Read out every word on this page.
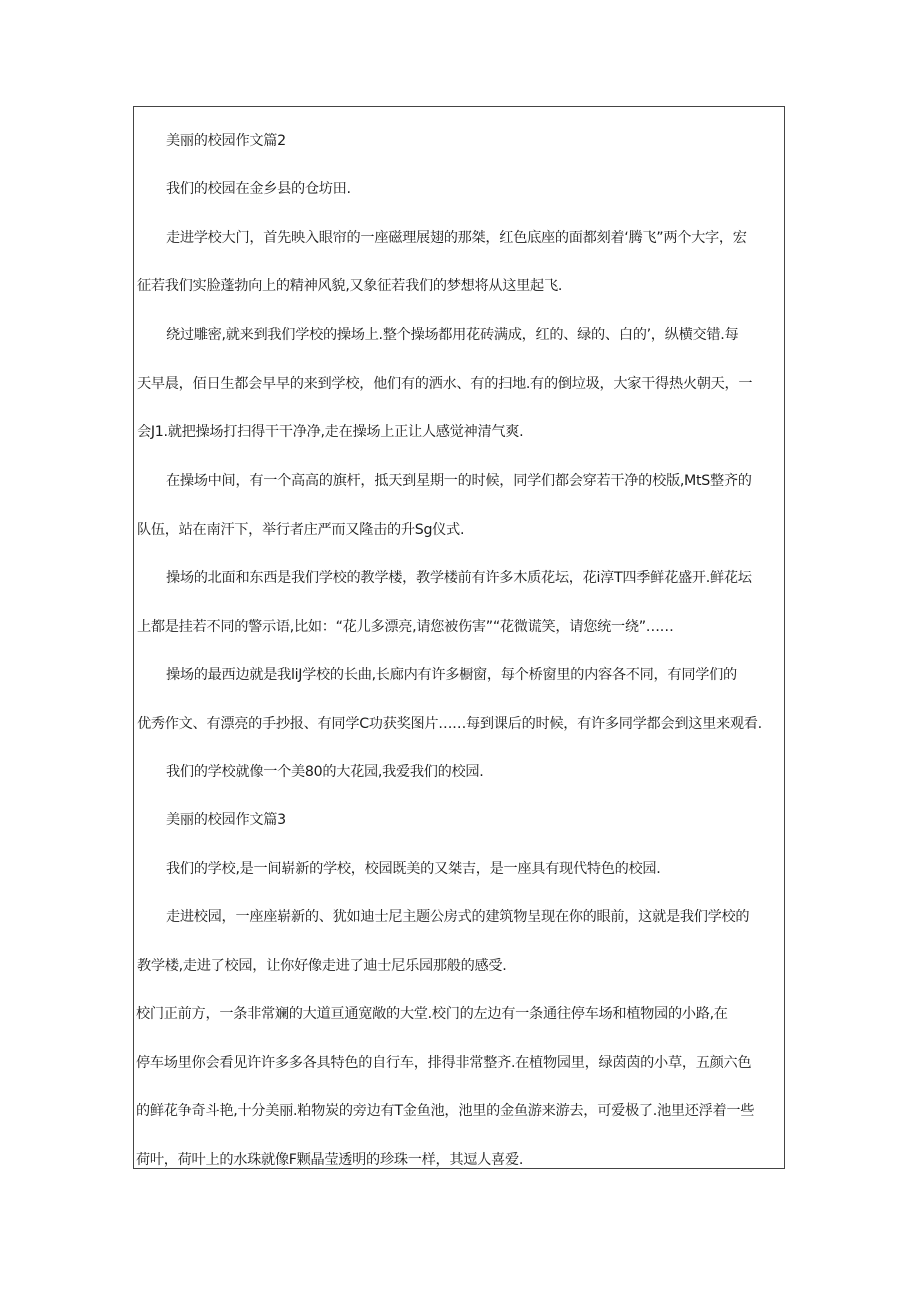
美丽的校园作文篇2
我们的校园在金乡县的仓坊田.
走进学校大门，首先映入眼帘的一座磁理展翅的那桀，红色底座的面都刻着‘腾飞”两个大字，宏
征若我们实脸蓬勃向上的精神风貌,又象征若我们的梦想将从这里起飞.
绕过雕密,就来到我们学校的操场上.整个操场都用花砖满成，红的、绿的、白的’，纵横交错.每
天早晨，佰日生都会早早的来到学校，他们有的洒水、有的扫地.有的倒垃圾，大家干得热火朝天，一
会J1.就把操场打扫得干干净净,走在操场上正让人感觉神清气爽.
在操场中间，有一个高高的旗杆，抵天到星期一的时候，同学们都会穿若干净的校版,MtS整齐的
队伍，站在南汗下，举行者庄严而又隆击的升Sg仪式.
操场的北面和东西是我们学校的教学楼，教学楼前有许多木质花坛，花i淳T四季鲜花盛开.鲜花坛
上都是挂若不同的警示语,比如：“花儿多漂亮,请您被伤害”“花微谎笑，请您统一绕”……
操场的最西边就是我liJ学校的长曲,长廊内有许多橱窗，每个桥窗里的内容各不同，有同学们的
优秀作文、有漂亮的手抄报、有同学C功获奖图片……每到课后的时候，有许多同学都会到这里来观看.
我们的学校就像一个美80的大花园,我爱我们的校园.
美丽的校园作文篇3
我们的学校,是一间崭新的学校，校园既美的又桀吉，是一座具有现代特色的校园.
走进校园，一座座崭新的、犹如迪士尼主题公房式的建筑物呈现在你的眼前，这就是我们学校的
教学楼,走进了校园，让你好像走进了迪士尼乐园那般的感受.
校门正前方，一条非常斓的大道亘通宽敞的大堂.校门的左边有一条通往停车场和植物园的小路,在
停车场里你会看见许许多多各具特色的自行车，排得非常整齐.在植物园里，绿茵茵的小草，五颜六色
的鲜花争奇斗艳,十分美丽.粕物炭的旁边有T金鱼池，池里的金鱼游来游去，可爱极了.池里还浮着一些
荷叶，荷叶上的水珠就像F颗晶莹透明的珍珠一样，其逗人喜爱.
